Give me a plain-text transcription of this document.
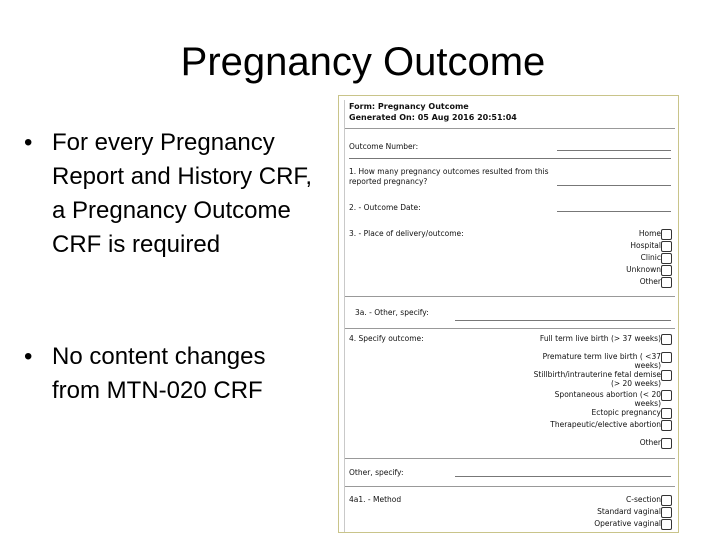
Pregnancy Outcome
• For every Pregnancy Report and History CRF, a Pregnancy Outcome CRF is required
• No content changes from MTN-020 CRF
Form: Pregnancy Outcome
Generated On: 05 Aug 2016 20:51:04
Outcome Number:
1. How many pregnancy outcomes resulted from this reported pregnancy?
2. - Outcome Date:
3. - Place of delivery/outcome:	Home
Hospital
Clinic
Unknown
Other
3a. - Other, specify:
4. Specify outcome:	Full term live birth (> 37 weeks)
Premature term live birth ( <37 weeks)
Stillbirth/intrauterine fetal demise (> 20 weeks)
Spontaneous abortion (< 20 weeks)
Ectopic pregnancy
Therapeutic/elective abortion
Other
Other, specify:
4a1. - Method	C-section
Standard vaginal
Operative vaginal
